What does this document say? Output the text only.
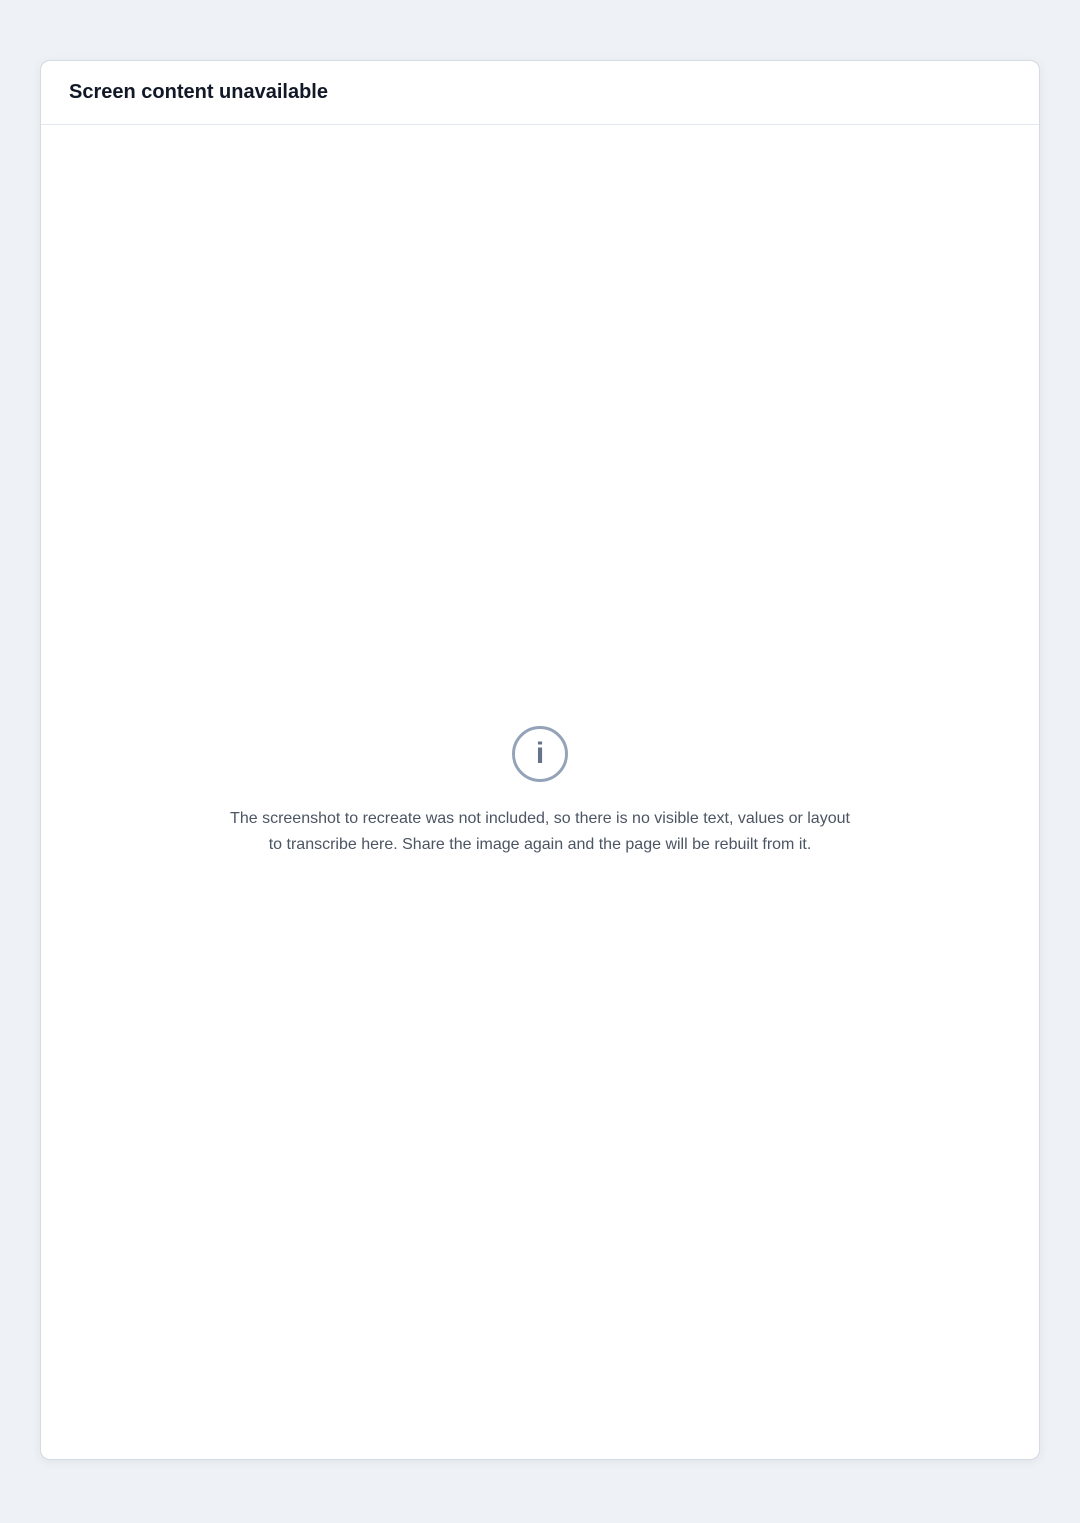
Screen content unavailable
i
The screenshot to recreate was not included, so there is no visible text, values or layout to transcribe here. Share the image again and the page will be rebuilt from it.
